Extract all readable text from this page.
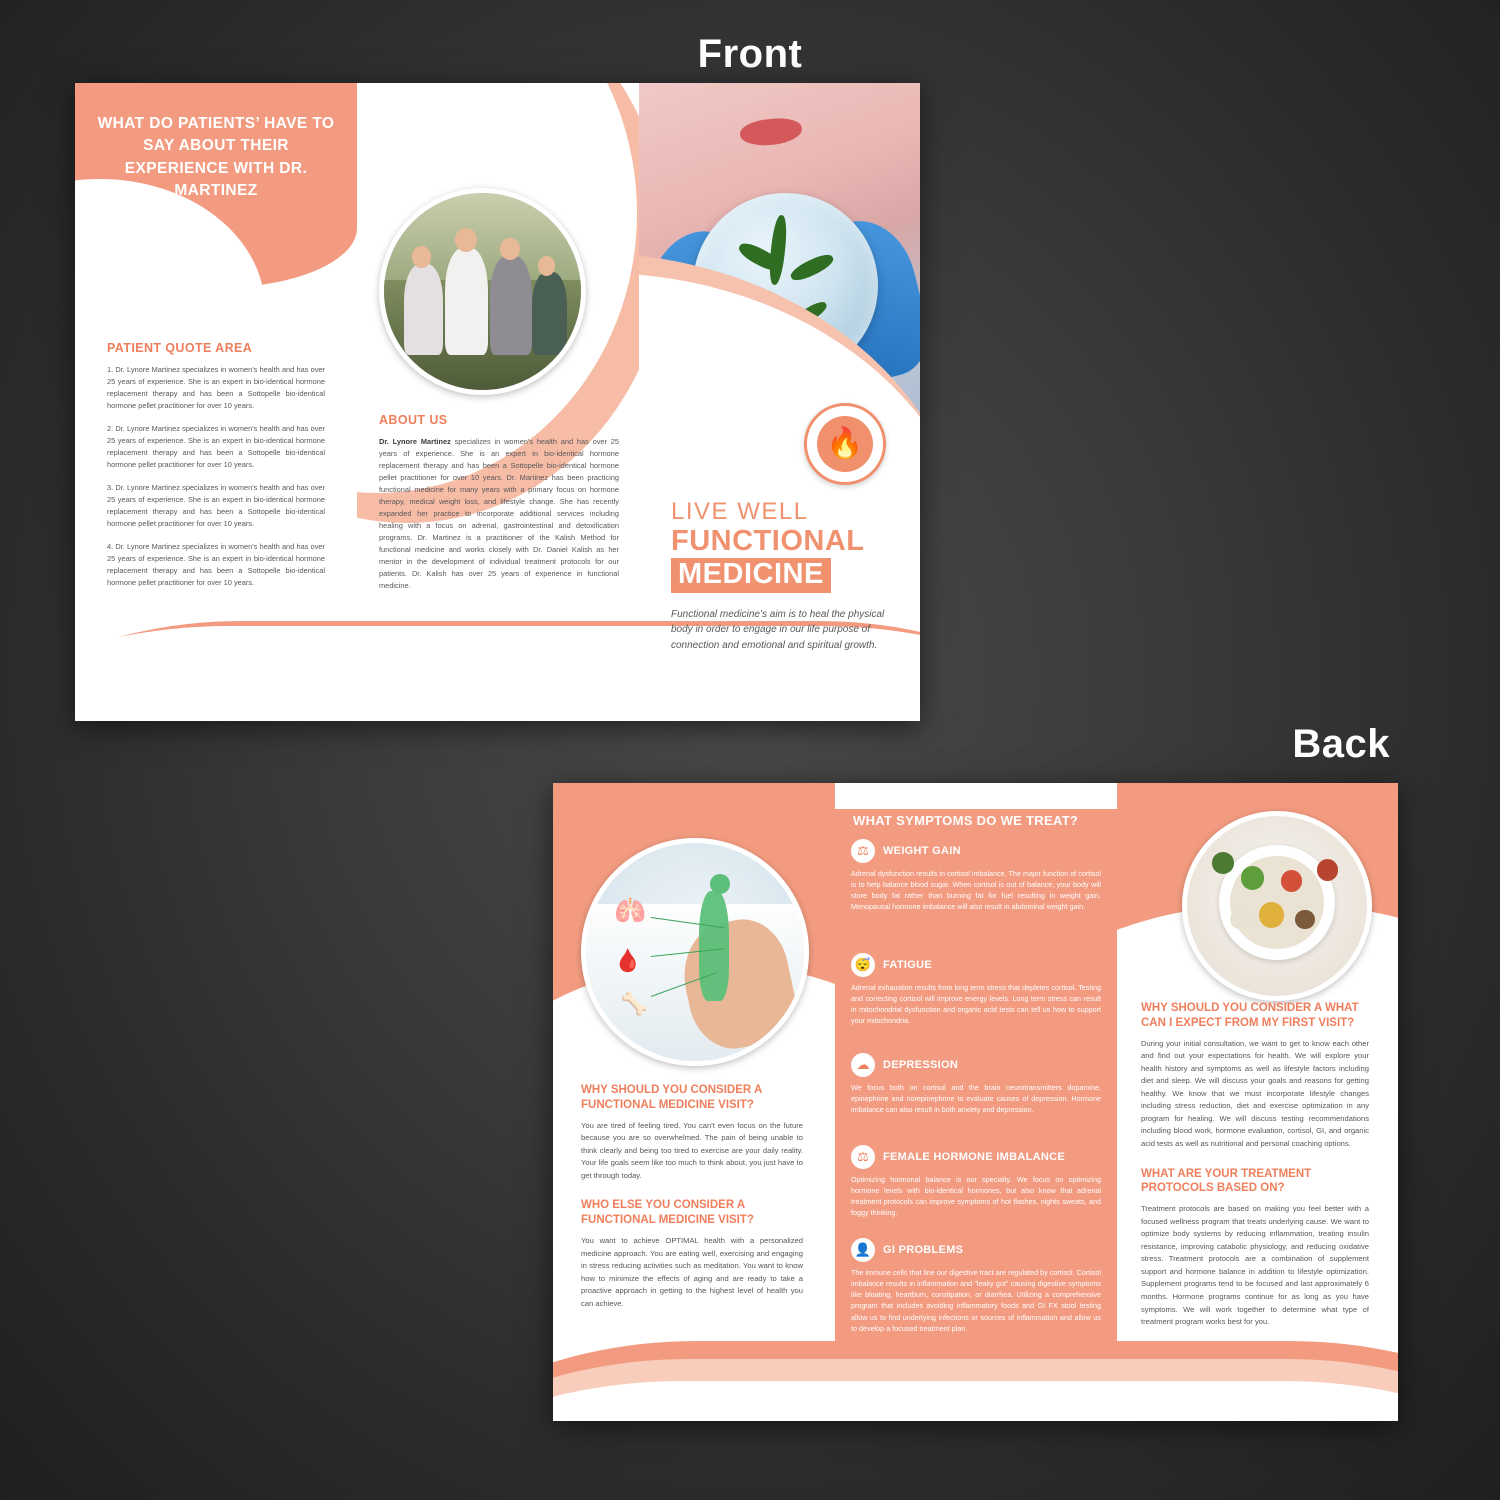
Front
WHAT DO PATIENTS’ HAVE TO SAY ABOUT THEIR EXPERIENCE WITH DR. MARTINEZ
PATIENT QUOTE AREA

1. Dr. Lynore Martinez specializes in women's health and has over 25 years of experience. She is an expert in bio-identical hormone replacement therapy and has been a Sottopelle bio-identical hormone pellet practitioner for over 10 years.

2. Dr. Lynore Martinez specializes in women's health and has over 25 years of experience. She is an expert in bio-identical hormone replacement therapy and has been a Sottopelle bio-identical hormone pellet practitioner for over 10 years.

3. Dr. Lynore Martinez specializes in women's health and has over 25 years of experience. She is an expert in bio-identical hormone replacement therapy and has been a Sottopelle bio-identical hormone pellet practitioner for over 10 years.

4. Dr. Lynore Martinez specializes in women's health and has over 25 years of experience. She is an expert in bio-identical hormone replacement therapy and has been a Sottopelle bio-identical hormone pellet practitioner for over 10 years.

ABOUT US

Dr. Lynore Martinez specializes in women's health and has over 25 years of experience. She is an expert in bio-identical hormone replacement therapy and has been a Sottopelle bio-identical hormone pellet practitioner for over 10 years. Dr. Martinez has been practicing functional medicine for many years with a primary focus on hormone therapy, medical weight loss, and lifestyle change. She has recently expanded her practice to incorporate additional services including healing with a focus on adrenal, gastrointestinal and detoxification programs. Dr. Martinez is a practitioner of the Kalish Method for functional medicine and works closely with Dr. Daniel Kalish as her mentor in the development of individual treatment protocols for our patients. Dr. Kalish has over 25 years of experience in functional medicine.

🔥
LIVE WELL
FUNCTIONAL
MEDICINE
Functional medicine’s aim is to heal the physical body in order to engage in our life purpose of connection and emotional and spiritual growth.
Back
🫁
🩸
🦴
WHY SHOULD YOU CONSIDER A FUNCTIONAL MEDICINE VISIT?
You are tired of feeling tired. You can't even focus on the future because you are so overwhelmed. The pain of being unable to think clearly and being too tired to exercise are your daily reality. Your life goals seem like too much to think about, you just have to get through today.
WHO ELSE YOU CONSIDER A FUNCTIONAL MEDICINE VISIT?
You want to achieve OPTIMAL health with a personalized medicine approach. You are eating well, exercising and engaging in stress reducing activities such as meditation. You want to know how to minimize the effects of aging and are ready to take a proactive approach in getting to the highest level of health you can achieve.
WHAT SYMPTOMS DO WE TREAT?
⚖	WEIGHT GAIN
Adrenal dysfunction results in cortisol imbalance. The major function of cortisol is to help balance blood sugar. When cortisol is out of balance, your body will store body fat rather than burning fat for fuel resulting in weight gain. Menopausal hormone imbalance will also result in abdominal weight gain.
😴	FATIGUE
Adrenal exhaustion results from long term stress that depletes cortisol. Testing and correcting cortisol will improve energy levels. Long term stress can result in mitochondrial dysfunction and organic acid tests can tell us how to support your mitochondria.
☁	DEPRESSION
We focus both on cortisol and the brain neurotransmitters dopamine, epinephrine and norepinephrine to evaluate causes of depression. Hormone imbalance can also result in both anxiety and depression.
⚖	FEMALE HORMONE IMBALANCE
Optimizing hormonal balance is our specialty. We focus on optimizing hormone levels with bio-identical hormones, but also know that adrenal treatment protocols can improve symptoms of hot flashes, nights sweats, and foggy thinking.
👤	GI PROBLEMS
The immune cells that line our digestive tract are regulated by cortisol. Cortisol imbalance results in inflammation and "leaky gut" causing digestive symptoms like bloating, heartburn, constipation, or diarrhea. Utilizing a comprehensive program that includes avoiding inflammatory foods and GI FX stool testing allow us to find underlying infections or sources of inflammation and allow us to develop a focused treatment plan.
WHY SHOULD YOU CONSIDER A WHAT CAN I EXPECT FROM MY FIRST VISIT?
During your initial consultation, we want to get to know each other and find out your expectations for health. We will explore your health history and symptoms as well as lifestyle factors including diet and sleep. We will discuss your goals and reasons for getting healthy. We know that we must incorporate lifestyle changes including stress reduction, diet and exercise optimization in any program for healing. We will discuss testing recommendations including blood work, hormone evaluation, cortisol, GI, and organic acid tests as well as nutritional and personal coaching options.
WHAT ARE YOUR TREATMENT PROTOCOLS BASED ON?
Treatment protocols are based on making you feel better with a focused wellness program that treats underlying cause. We want to optimize body systems by reducing inflammation, treating insulin resistance, improving catabolic physiology, and reducing oxidative stress. Treatment protocols are a combination of supplement support and hormone balance in addition to lifestyle optimization. Supplement programs tend to be focused and last approximately 6 months. Hormone programs continue for as long as you have symptoms. We will work together to determine what type of treatment program works best for you.
